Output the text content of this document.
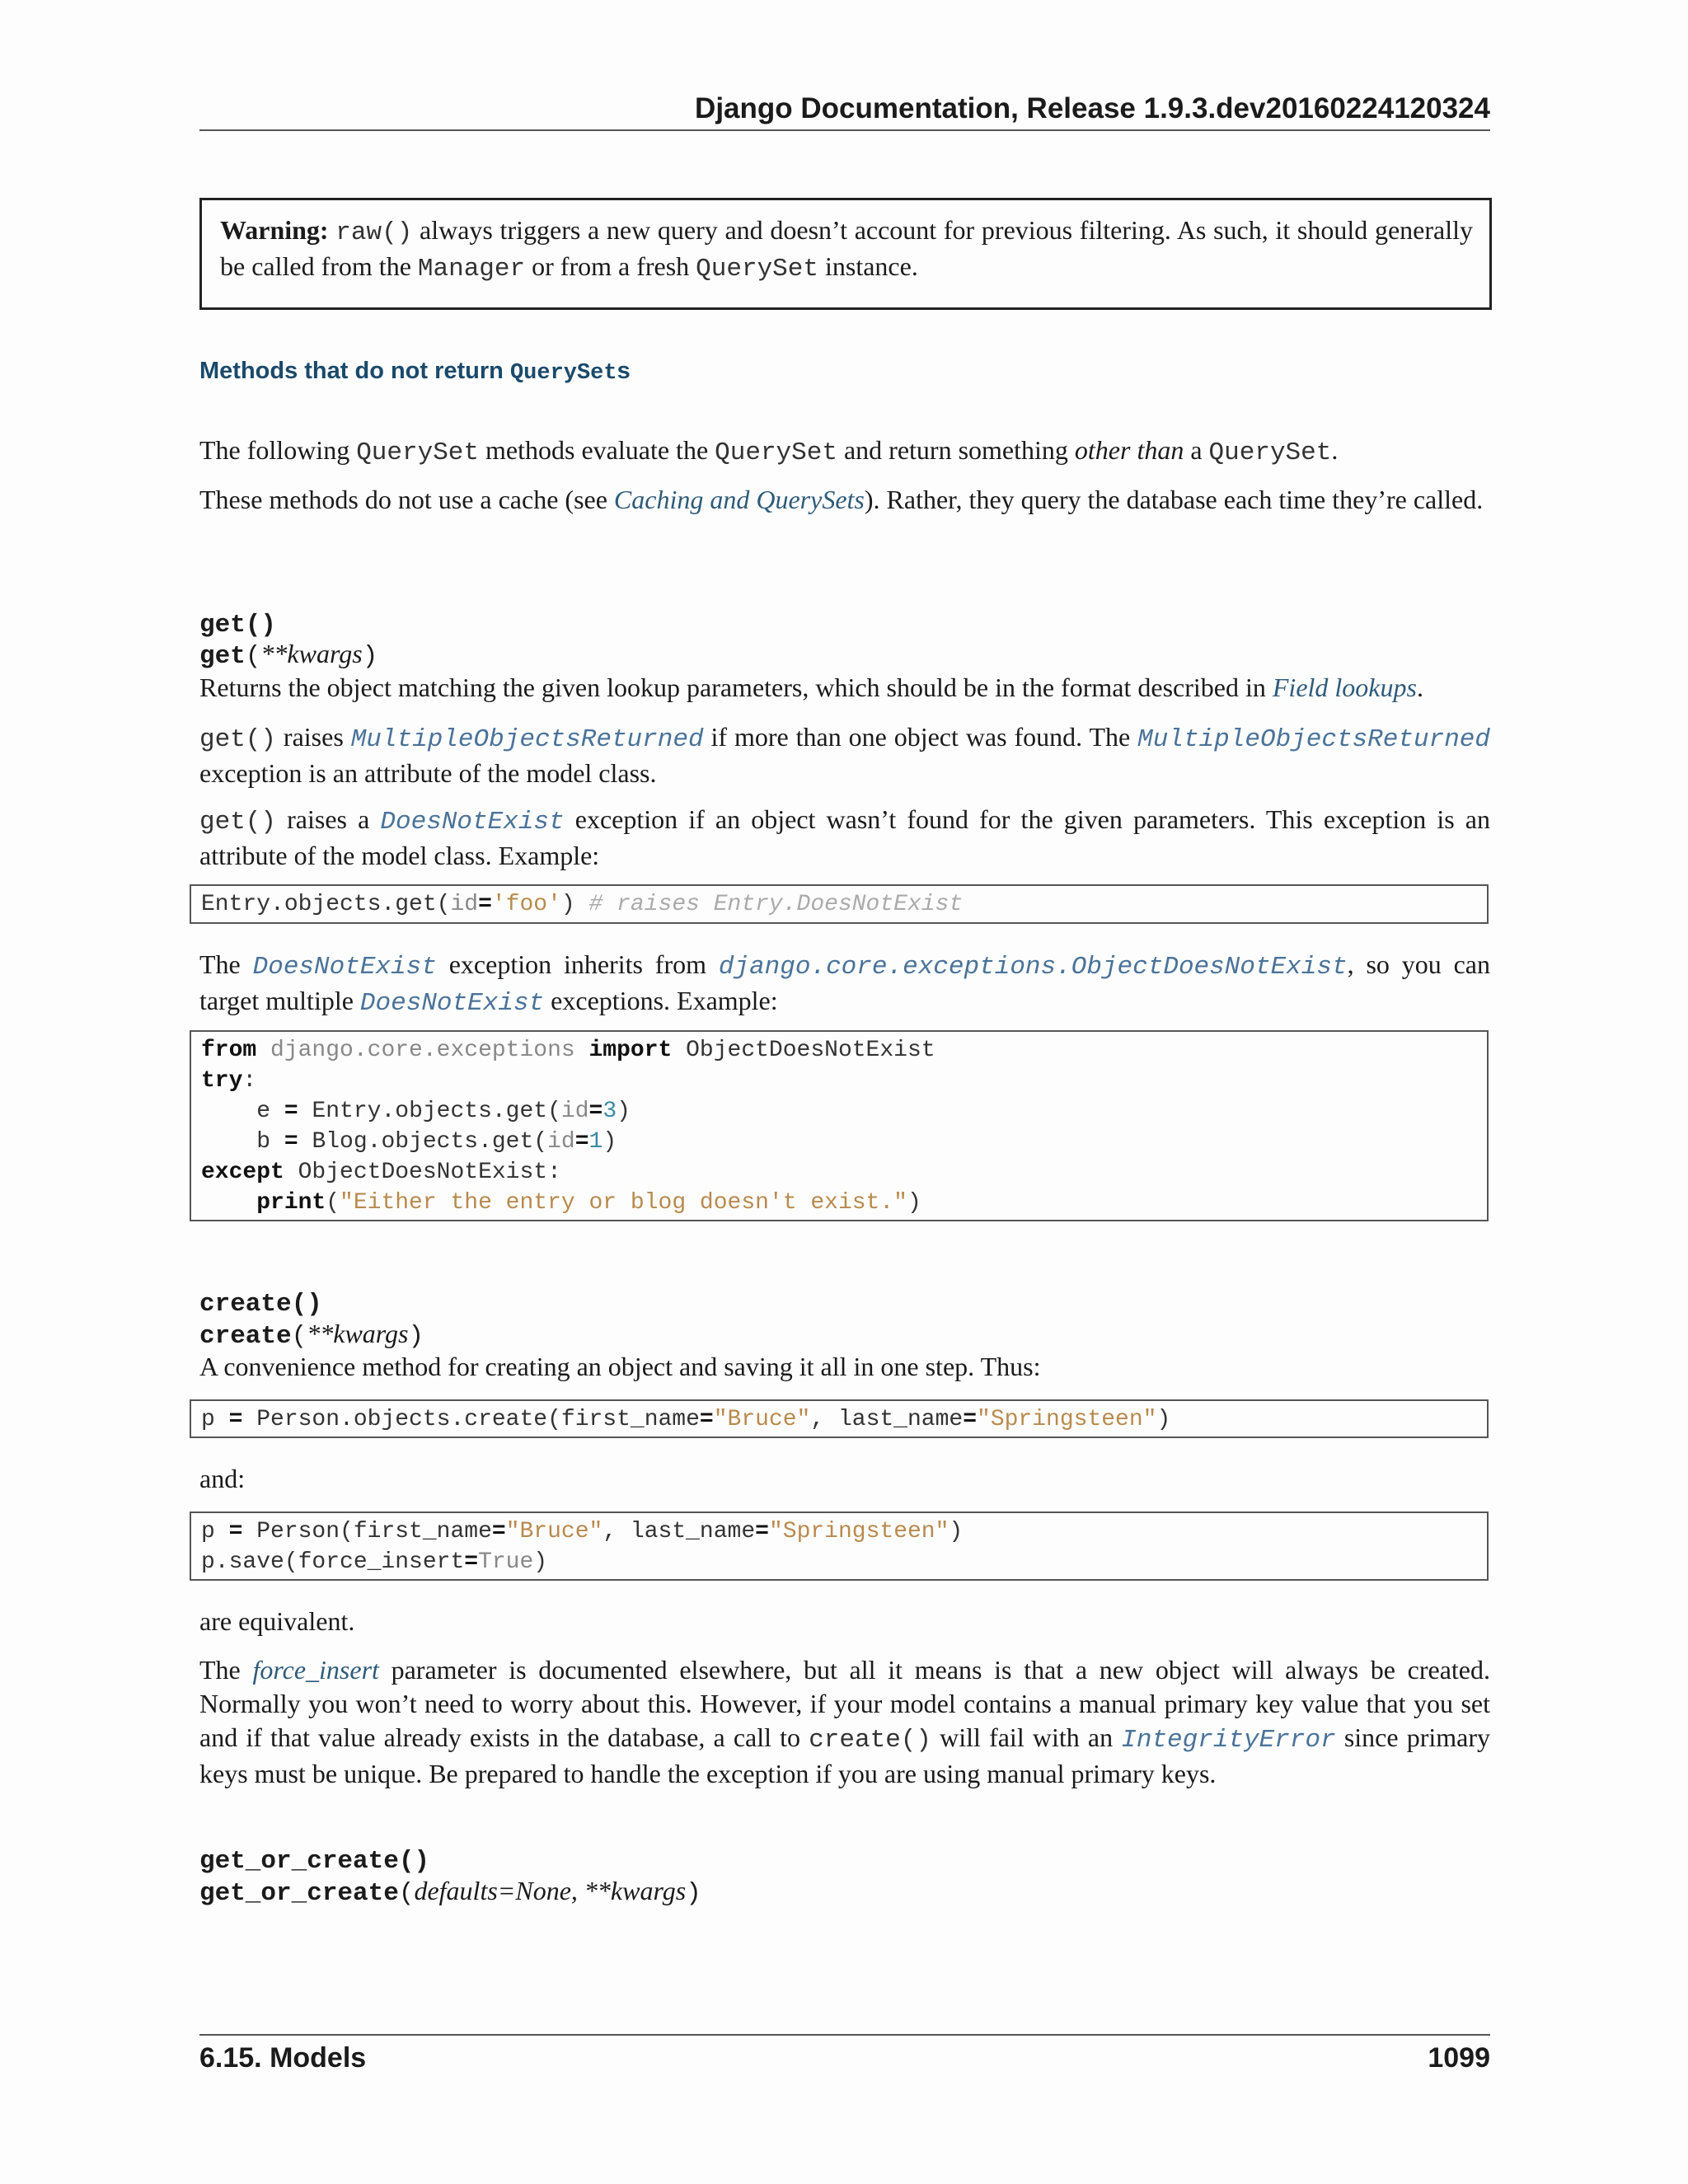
Django Documentation, Release 1.9.3.dev20160224120324
Warning: raw() always triggers a new query and doesn’t account for previous filtering. As such, it should generally be called from the Manager or from a fresh QuerySet instance.
Methods that do not return QuerySets
The following QuerySet methods evaluate the QuerySet and return something other than a QuerySet.
These methods do not use a cache (see Caching and QuerySets). Rather, they query the database each time they’re called.
get()
get(**kwargs)
Returns the object matching the given lookup parameters, which should be in the format described in Field lookups.
get() raises MultipleObjectsReturned if more than one object was found. The MultipleObjectsReturned exception is an attribute of the model class.
get() raises a DoesNotExist exception if an object wasn’t found for the given parameters. This exception is an attribute of the model class. Example:
Entry.objects.get(id='foo') # raises Entry.DoesNotExist
The DoesNotExist exception inherits from django.core.exceptions.ObjectDoesNotExist, so you can target multiple DoesNotExist exceptions. Example:
from django.core.exceptions import ObjectDoesNotExist
try:
e = Entry.objects.get(id=3)
b = Blog.objects.get(id=1)
except ObjectDoesNotExist:
print("Either the entry or blog doesn't exist.")
create()
create(**kwargs)
A convenience method for creating an object and saving it all in one step. Thus:
p = Person.objects.create(first_name="Bruce", last_name="Springsteen")
and:
p = Person(first_name="Bruce", last_name="Springsteen")
p.save(force_insert=True)
are equivalent.
The force_insert parameter is documented elsewhere, but all it means is that a new object will always be created. Normally you won’t need to worry about this. However, if your model contains a manual primary key value that you set and if that value already exists in the database, a call to create() will fail with an IntegrityError since primary keys must be unique. Be prepared to handle the exception if you are using manual primary keys.
get_or_create()
get_or_create(defaults=None, **kwargs)
6.15. Models	1099
